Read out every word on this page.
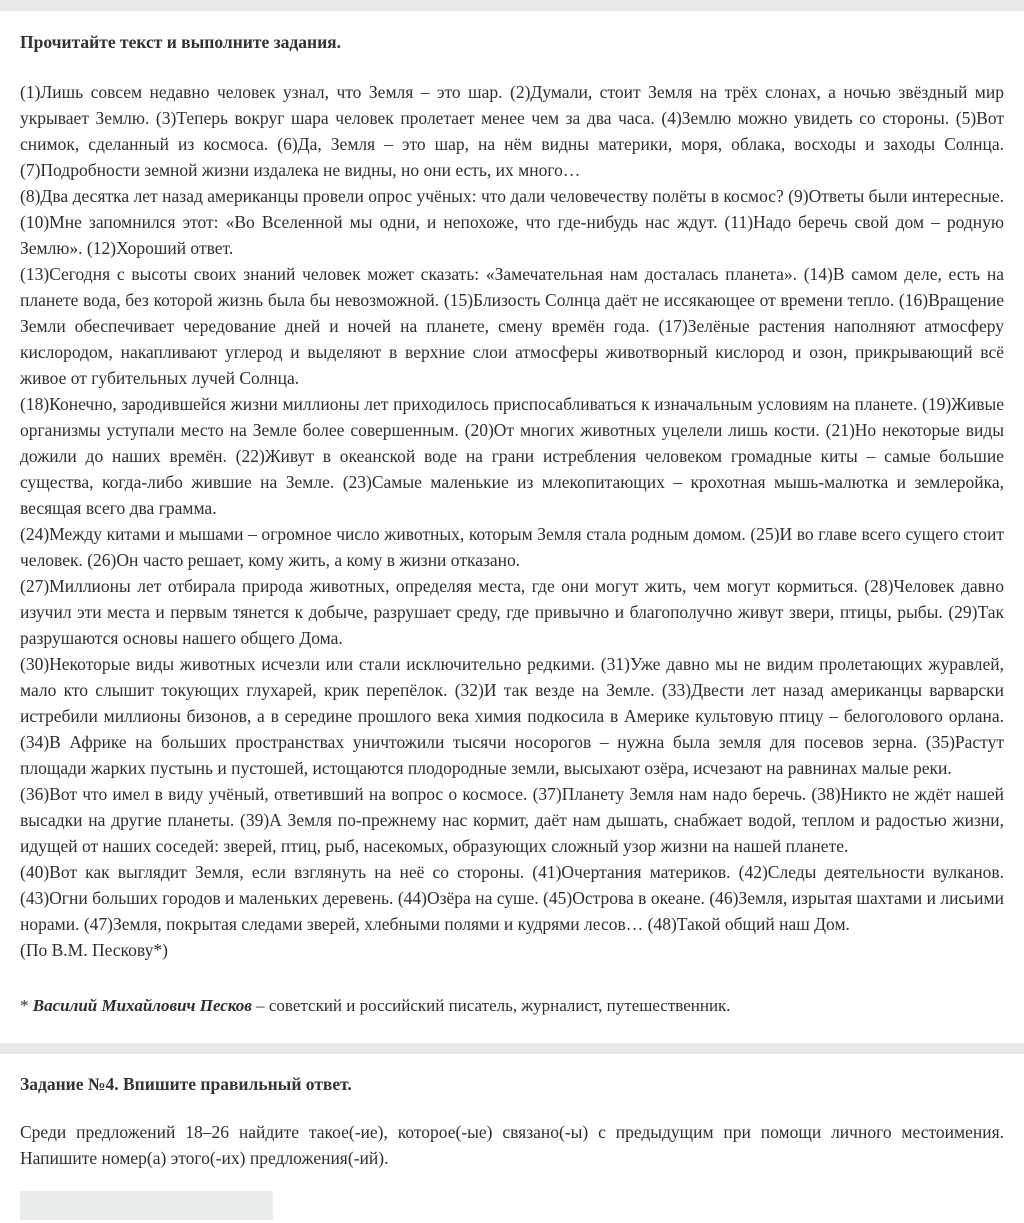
Прочитайте текст и выполните задания.

(1)Лишь совсем недавно человек узнал, что Земля – это шар. (2)Думали, стоит Земля на трёх слонах, а ночью звёздный мир укрывает Землю. (3)Теперь вокруг шара человек пролетает менее чем за два часа. (4)Землю можно увидеть со стороны. (5)Вот снимок, сделанный из космоса. (6)Да, Земля – это шар, на нём видны материки, моря, облака, восходы и заходы Солнца. (7)Подробности земной жизни издалека не видны, но они есть, их много…

(8)Два десятка лет назад американцы провели опрос учёных: что дали человечеству полёты в космос? (9)Ответы были интересные. (10)Мне запомнился этот: «Во Вселенной мы одни, и непохоже, что где-нибудь нас ждут. (11)Надо беречь свой дом – родную Землю». (12)Хороший ответ.

(13)Сегодня с высоты своих знаний человек может сказать: «Замечательная нам досталась планета». (14)В самом деле, есть на планете вода, без которой жизнь была бы невозможной. (15)Близость Солнца даёт не иссякающее от времени тепло. (16)Вращение Земли обеспечивает чередование дней и ночей на планете, смену времён года. (17)Зелёные растения наполняют атмосферу кислородом, накапливают углерод и выделяют в верхние слои атмосферы животворный кислород и озон, прикрывающий всё живое от губительных лучей Солнца.

(18)Конечно, зародившейся жизни миллионы лет приходилось приспосабливаться к изначальным условиям на планете. (19)Живые организмы уступали место на Земле более совершенным. (20)От многих животных уцелели лишь кости. (21)Но некоторые виды дожили до наших времён. (22)Живут в океанской воде на грани истребления человеком громадные киты – самые большие существа, когда-либо жившие на Земле. (23)Самые маленькие из млекопитающих – крохотная мышь-малютка и землеройка, весящая всего два грамма.

(24)Между китами и мышами – огромное число животных, которым Земля стала родным домом. (25)И во главе всего сущего стоит человек. (26)Он часто решает, кому жить, а кому в жизни отказано.

(27)Миллионы лет отбирала природа животных, определяя места, где они могут жить, чем могут кормиться. (28)Человек давно изучил эти места и первым тянется к добыче, разрушает среду, где привычно и благополучно живут звери, птицы, рыбы. (29)Так разрушаются основы нашего общего Дома.

(30)Некоторые виды животных исчезли или стали исключительно редкими. (31)Уже давно мы не видим пролетающих журавлей, мало кто слышит токующих глухарей, крик перепёлок. (32)И так везде на Земле. (33)Двести лет назад американцы варварски истребили миллионы бизонов, а в середине прошлого века химия подкосила в Америке культовую птицу – белоголового орлана. (34)В Африке на больших пространствах уничтожили тысячи носорогов – нужна была земля для посевов зерна. (35)Растут площади жарких пустынь и пустошей, истощаются плодородные земли, высыхают озёра, исчезают на равнинах малые реки.

(36)Вот что имел в виду учёный, ответивший на вопрос о космосе. (37)Планету Земля нам надо беречь. (38)Никто не ждёт нашей высадки на другие планеты. (39)А Земля по-прежнему нас кормит, даёт нам дышать, снабжает водой, теплом и радостью жизни, идущей от наших соседей: зверей, птиц, рыб, насекомых, образующих сложный узор жизни на нашей планете.

(40)Вот как выглядит Земля, если взглянуть на неё со стороны. (41)Очертания материков. (42)Следы деятельности вулканов. (43)Огни больших городов и маленьких деревень. (44)Озёра на суше. (45)Острова в океане. (46)Земля, изрытая шахтами и лисьими норами. (47)Земля, покрытая следами зверей, хлебными полями и кудрями лесов… (48)Такой общий наш Дом.

(По В.М. Пескову*)

* Василий Михайлович Песков – советский и российский писатель, журналист, путешественник.

Задание №4. Впишите правильный ответ.

Среди предложений 18–26 найдите такое(-ие), которое(-ые) связано(-ы) с предыдущим при помощи личного местоимения. Напишите номер(а) этого(-их) предложения(-ий).
